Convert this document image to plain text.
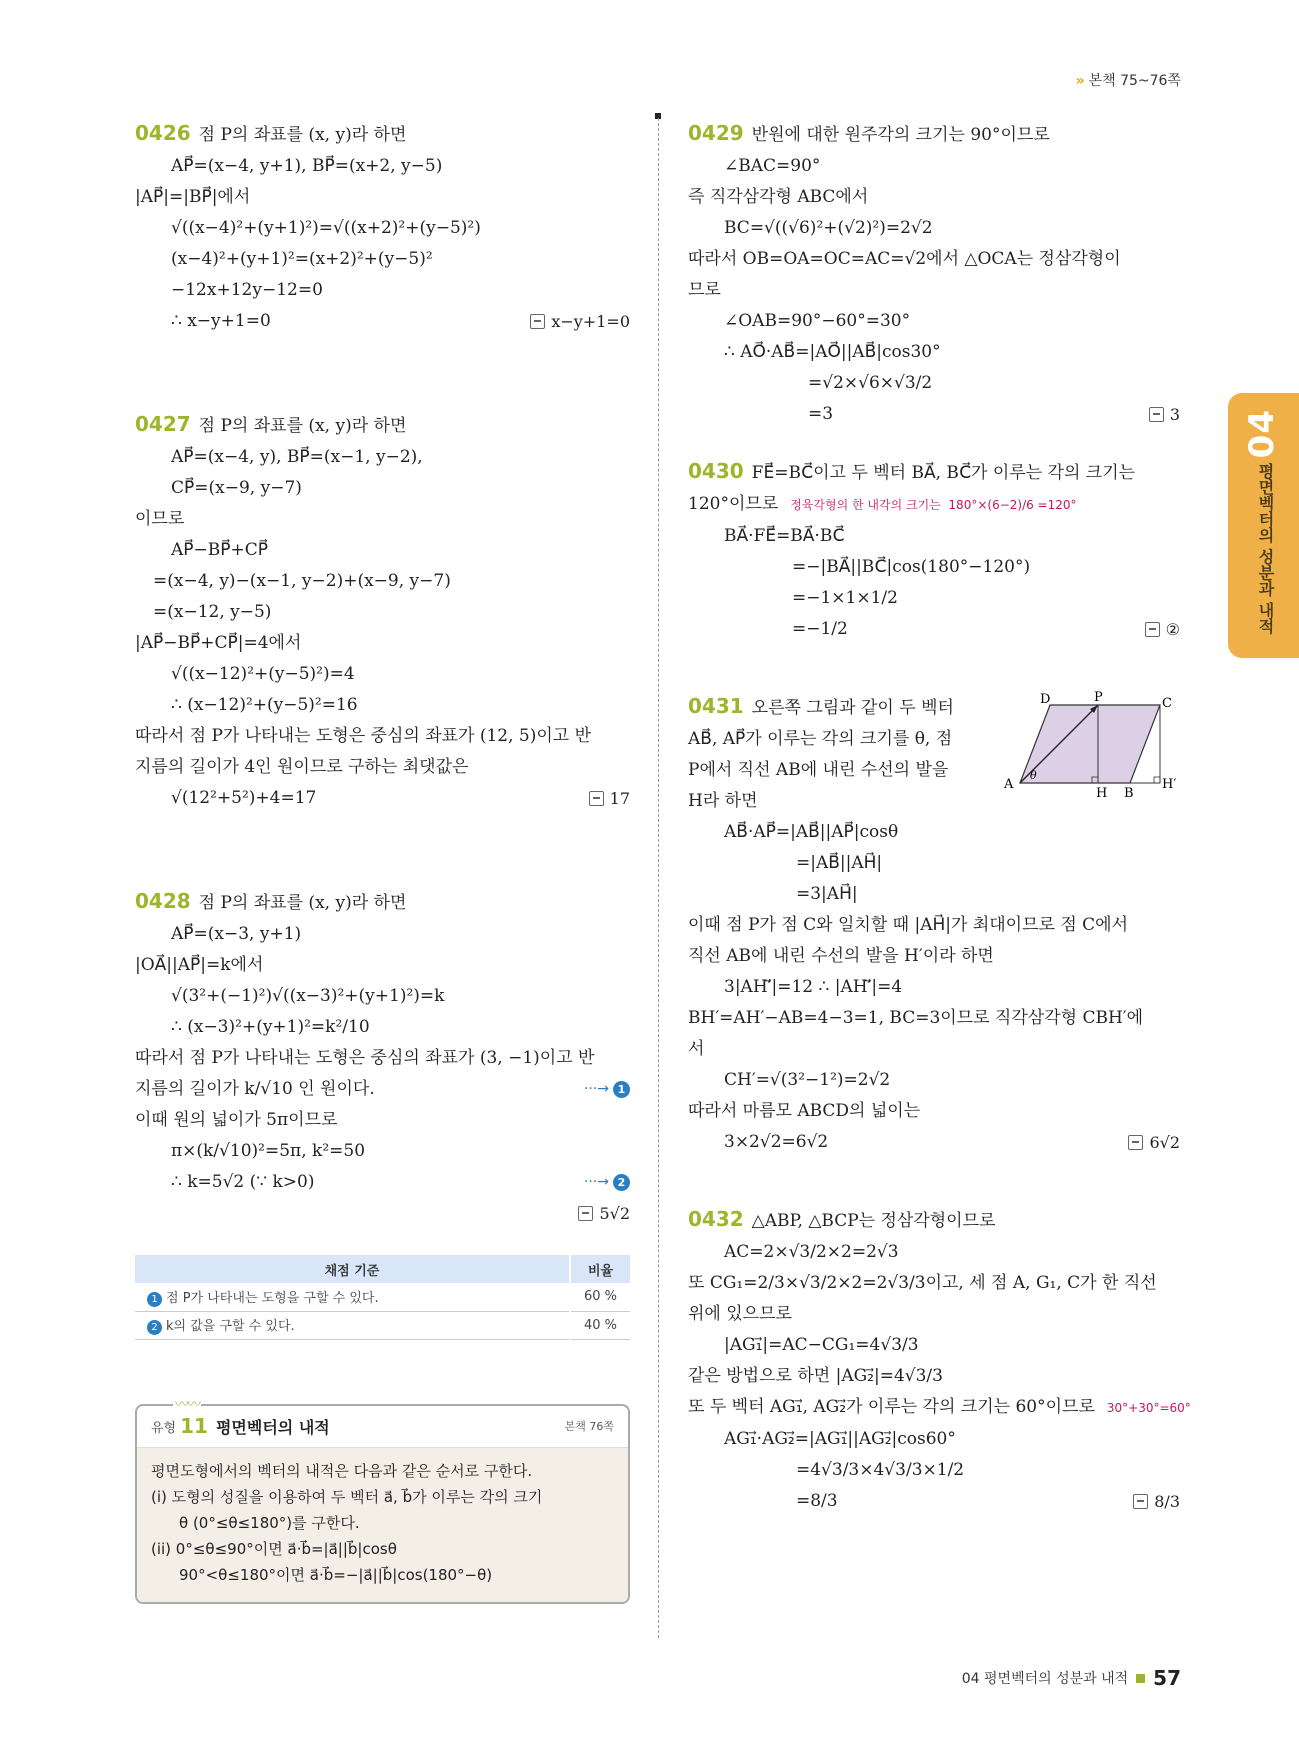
» 본책 75~76쪽
0426 점 P의 좌표를 (x, y)라 하면
AP⃗=(x−4, y+1), BP⃗=(x+2, y−5)
|AP⃗|=|BP⃗|에서
√((x−4)²+(y+1)²)=√((x+2)²+(y−5)²)
(x−4)²+(y+1)²=(x+2)²+(y−5)²
−12x+12y−12=0
∴ x−y+1=0	x−y+1=0
0427 점 P의 좌표를 (x, y)라 하면
AP⃗=(x−4, y), BP⃗=(x−1, y−2),
CP⃗=(x−9, y−7)
이므로
AP⃗−BP⃗+CP⃗
=(x−4, y)−(x−1, y−2)+(x−9, y−7)
=(x−12, y−5)
|AP⃗−BP⃗+CP⃗|=4에서
√((x−12)²+(y−5)²)=4
∴ (x−12)²+(y−5)²=16
따라서 점 P가 나타내는 도형은 중심의 좌표가 (12, 5)이고 반
지름의 길이가 4인 원이므로 구하는 최댓값은
√(12²+5²)+4=17	17
0428 점 P의 좌표를 (x, y)라 하면
AP⃗=(x−3, y+1)
|OA⃗||AP⃗|=k에서
√(3²+(−1)²)√((x−3)²+(y+1)²)=k
∴ (x−3)²+(y+1)²=k²/10
따라서 점 P가 나타내는 도형은 중심의 좌표가 (3, −1)이고 반
지름의 길이가 k/√10 인 원이다.	···→ 1
이때 원의 넓이가 5π이므로
π×(k/√10)²=5π, k²=50
∴ k=5√2 (∵ k>0)	···→ 2
5√2

채점 기준	비율
1 점 P가 나타내는 도형을 구할 수 있다.	60 %
2 k의 값을 구할 수 있다.	40 %
〰〰
유형 11 평면벡터의 내적	본책 76쪽
평면도형에서의 벡터의 내적은 다음과 같은 순서로 구한다.
(i) 도형의 성질을 이용하여 두 벡터 a⃗, b⃗가 이루는 각의 크기
θ (0°≤θ≤180°)를 구한다.
(ii) 0°≤θ≤90°이면 a⃗·b⃗=|a⃗||b⃗|cosθ
90°<θ≤180°이면 a⃗·b⃗=−|a⃗||b⃗|cos(180°−θ)
0429 반원에 대한 원주각의 크기는 90°이므로
∠BAC=90°
즉 직각삼각형 ABC에서
BC=√((√6)²+(√2)²)=2√2
따라서 OB=OA=OC=AC=√2에서 △OCA는 정삼각형이
므로
∠OAB=90°−60°=30°
∴ AO⃗·AB⃗=|AO⃗||AB⃗|cos30°
=√2×√6×√3/2
=3	3
0430 FE⃗=BC⃗이고 두 벡터 BA⃗, BC⃗가 이루는 각의 크기는
120°이므로 정육각형의 한 내각의 크기는 180°×(6−2)/6 =120°
BA⃗·FE⃗=BA⃗·BC⃗
=−|BA⃗||BC⃗|cos(180°−120°)
=−1×1×1/2
=−1/2	②
D	P	C
A
θ
H B
H′
0431 오른쪽 그림과 같이 두 벡터
AB⃗, AP⃗가 이루는 각의 크기를 θ, 점
P에서 직선 AB에 내린 수선의 발을
H라 하면
AB⃗·AP⃗=|AB⃗||AP⃗|cosθ
=|AB⃗||AH⃗|
=3|AH⃗|
이때 점 P가 점 C와 일치할 때 |AH⃗|가 최대이므로 점 C에서
직선 AB에 내린 수선의 발을 H′이라 하면
3|AH′⃗|=12 ∴ |AH′⃗|=4
BH′=AH′−AB=4−3=1, BC=3이므로 직각삼각형 CBH′에
서
CH′=√(3²−1²)=2√2
따라서 마름모 ABCD의 넓이는
3×2√2=6√2	6√2
0432 △ABP, △BCP는 정삼각형이므로
AC=2×√3/2×2=2√3
또 CG₁=2/3×√3/2×2=2√3/3이고, 세 점 A, G₁, C가 한 직선
위에 있으므로
|AG₁⃗|=AC−CG₁=4√3/3
같은 방법으로 하면 |AG₂⃗|=4√3/3
또 두 벡터 AG₁⃗, AG₂⃗가 이루는 각의 크기는 60°이므로 30°+30°=60°
AG₁⃗·AG₂⃗=|AG₁⃗||AG₂⃗|cos60°
=4√3/3×4√3/3×1/2
=8/3	8/3
04
평면벡터의 성분과 내적
04 평면벡터의 성분과 내적 57
